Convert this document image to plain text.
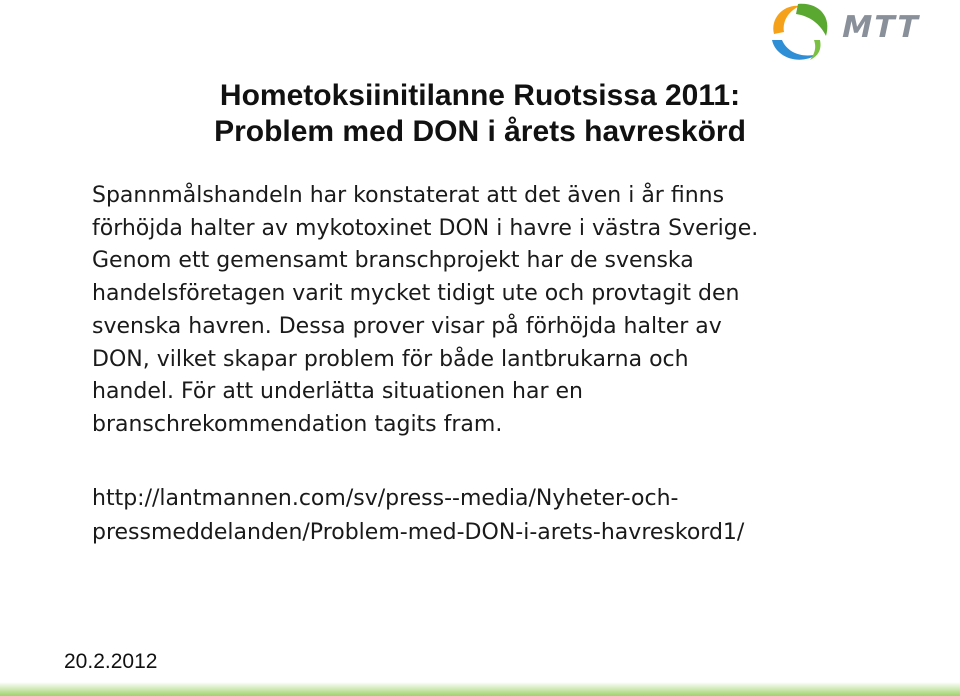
MTT
Hometoksiinitilanne Ruotsissa 2011:
Problem med DON i årets havreskörd
Spannmålshandeln har konstaterat att det även i år finns
förhöjda halter av mykotoxinet DON i havre i västra Sverige.
Genom ett gemensamt branschprojekt har de svenska
handelsföretagen varit mycket tidigt ute och provtagit den
svenska havren. Dessa prover visar på förhöjda halter av
DON, vilket skapar problem för både lantbrukarna och
handel. För att underlätta situationen har en
branschrekommendation tagits fram.
http://lantmannen.com/sv/press--media/Nyheter-och-
pressmeddelanden/Problem-med-DON-i-arets-havreskord1/
20.2.2012
